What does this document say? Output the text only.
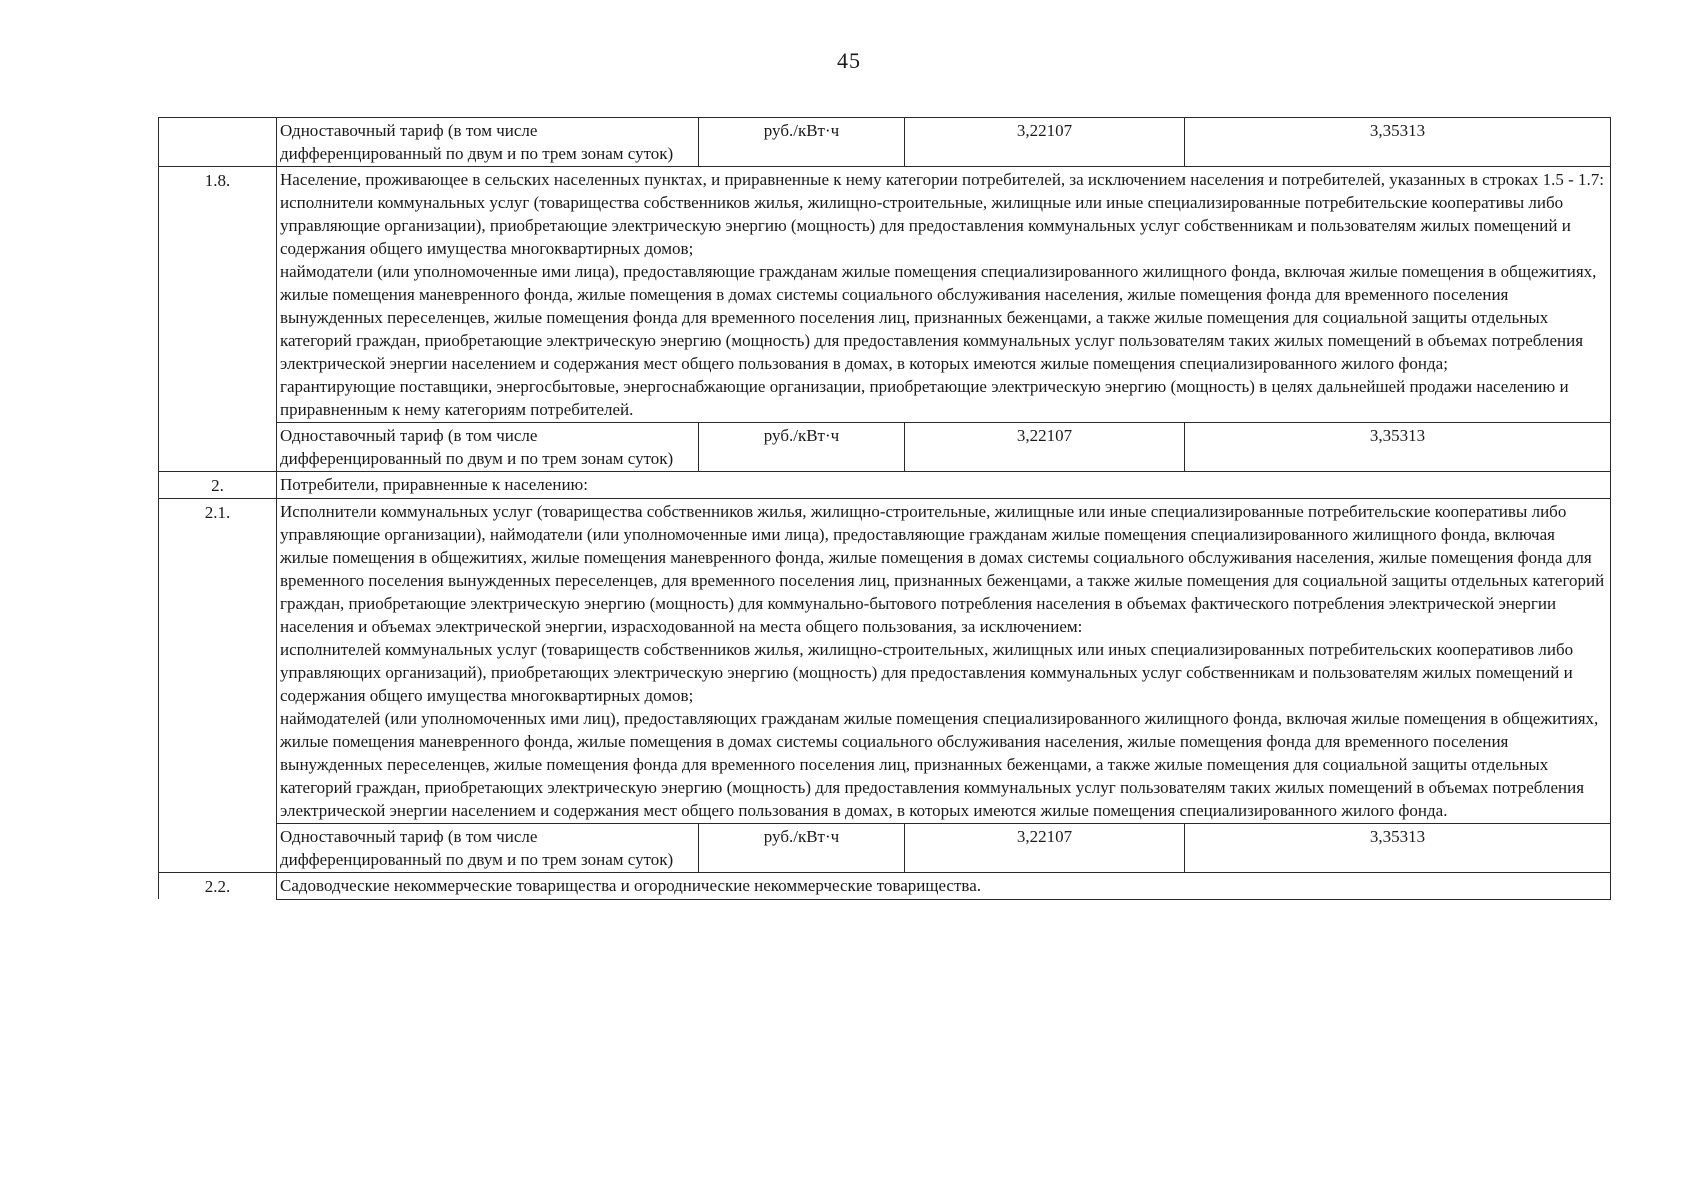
45
	Одноставочный тариф (в том числе дифференцированный по двум и по трем зонам суток)	руб./кВт·ч	3,22107	3,35313
1.8.	Население, проживающее в сельских населенных пунктах, и приравненные к нему категории потребителей, за исключением населения и потребителей, указанных в строках 1.5 - 1.7:
исполнители коммунальных услуг (товарищества собственников жилья, жилищно-строительные, жилищные или иные специализированные потребительские кооперативы либо управляющие организации), приобретающие электрическую энергию (мощность) для предоставления коммунальных услуг собственникам и пользователям жилых помещений и содержания общего имущества многоквартирных домов;
наймодатели (или уполномоченные ими лица), предоставляющие гражданам жилые помещения специализированного жилищного фонда, включая жилые помещения в общежитиях, жилые помещения маневренного фонда, жилые помещения в домах системы социального обслуживания населения, жилые помещения фонда для временного поселения вынужденных переселенцев, жилые помещения фонда для временного поселения лиц, признанных беженцами, а также жилые помещения для социальной защиты отдельных категорий граждан, приобретающие электрическую энергию (мощность) для предоставления коммунальных услуг пользователям таких жилых помещений в объемах потребления электрической энергии населением и содержания мест общего пользования в домах, в которых имеются жилые помещения специализированного жилого фонда;
гарантирующие поставщики, энергосбытовые, энергоснабжающие организации, приобретающие электрическую энергию (мощность) в целях дальнейшей продажи населению и приравненным к нему категориям потребителей.			

	Одноставочный тариф (в том числе дифференцированный по двум и по трем зонам суток)	руб./кВт·ч	3,22107	3,35313
2.	Потребители, приравненные к населению:			
2.1.	Исполнители коммунальных услуг (товарищества собственников жилья, жилищно-строительные, жилищные или иные специализированные потребительские кооперативы либо управляющие организации), наймодатели (или уполномоченные ими лица), предоставляющие гражданам жилые помещения специализированного жилищного фонда, включая жилые помещения в общежитиях, жилые помещения маневренного фонда, жилые помещения в домах системы социального обслуживания населения, жилые помещения фонда для временного поселения вынужденных переселенцев, для временного поселения лиц, признанных беженцами, а также жилые помещения для социальной защиты отдельных категорий граждан, приобретающие электрическую энергию (мощность) для коммунально-бытового потребления населения в объемах фактического потребления электрической энергии населения и объемах электрической энергии, израсходованной на места общего пользования, за исключением:
исполнителей коммунальных услуг (товариществ собственников жилья, жилищно-строительных, жилищных или иных специализированных потребительских кооперативов либо управляющих организаций), приобретающих электрическую энергию (мощность) для предоставления коммунальных услуг собственникам и пользователям жилых помещений и содержания общего имущества многоквартирных домов;
наймодателей (или уполномоченных ими лиц), предоставляющих гражданам жилые помещения специализированного жилищного фонда, включая жилые помещения в общежитиях, жилые помещения маневренного фонда, жилые помещения в домах системы социального обслуживания населения, жилые помещения фонда для временного поселения вынужденных переселенцев, жилые помещения фонда для временного поселения лиц, признанных беженцами, а также жилые помещения для социальной защиты отдельных категорий граждан, приобретающих электрическую энергию (мощность) для предоставления коммунальных услуг пользователям таких жилых помещений в объемах потребления электрической энергии населением и содержания мест общего пользования в домах, в которых имеются жилые помещения специализированного жилого фонда.			

	Одноставочный тариф (в том числе дифференцированный по двум и по трем зонам суток)	руб./кВт·ч	3,22107	3,35313
2.2.	Садоводческие некоммерческие товарищества и огороднические некоммерческие товарищества.			
